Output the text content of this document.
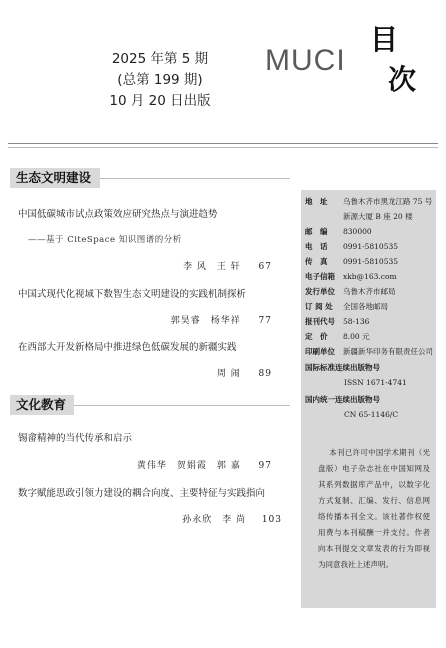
2025 年第 5 期
(总第 199 期)
10 月 20 日出版
MUCI
目
次
生态文明建设
中国低碳城市试点政策效应研究热点与演进趋势
——基于 CiteSpace 知识图谱的分析
李 风　王 轩 67
中国式现代化视域下数智生态文明建设的实践机制探析
郭昊睿　杨华祥 77
在西部大开发新格局中推进绿色低碳发展的新疆实践
周 闹 89
文化教育
锡畲精神的当代传承和启示
黄伟华　贺娟霞　郭 嘉 97
数字赋能思政引领力建设的耦合向度、主要特征与实践指向
孙永欣　李 尚 103
地　址 乌鲁木齐市黑龙江路 75 号
新源大厦 B 座 20 楼
邮　编 830000
电　话 0991-5810535
传　真 0991-5810535
电子信箱 xkb@163.com
发行单位 乌鲁木齐市邮局
订 阅 处 全国各地邮局
报刊代号 58-136
定　价 8.00 元
印刷单位 新疆新华印务有限责任公司
国际标准连续出版物号
ISSN 1671-4741
国内统一连续出版物号
CN 65-1146/C
本刊已许可中国学术期刊（光盘版）电子杂志社在中国知网及其系列数据库产品中，以数字化方式复制、汇编、发行、信息网络传播本刊全文。该社著作权使用费与本刊稿酬一并支付。作者向本刊提交文章发表的行为即视为同意我社上述声明。
